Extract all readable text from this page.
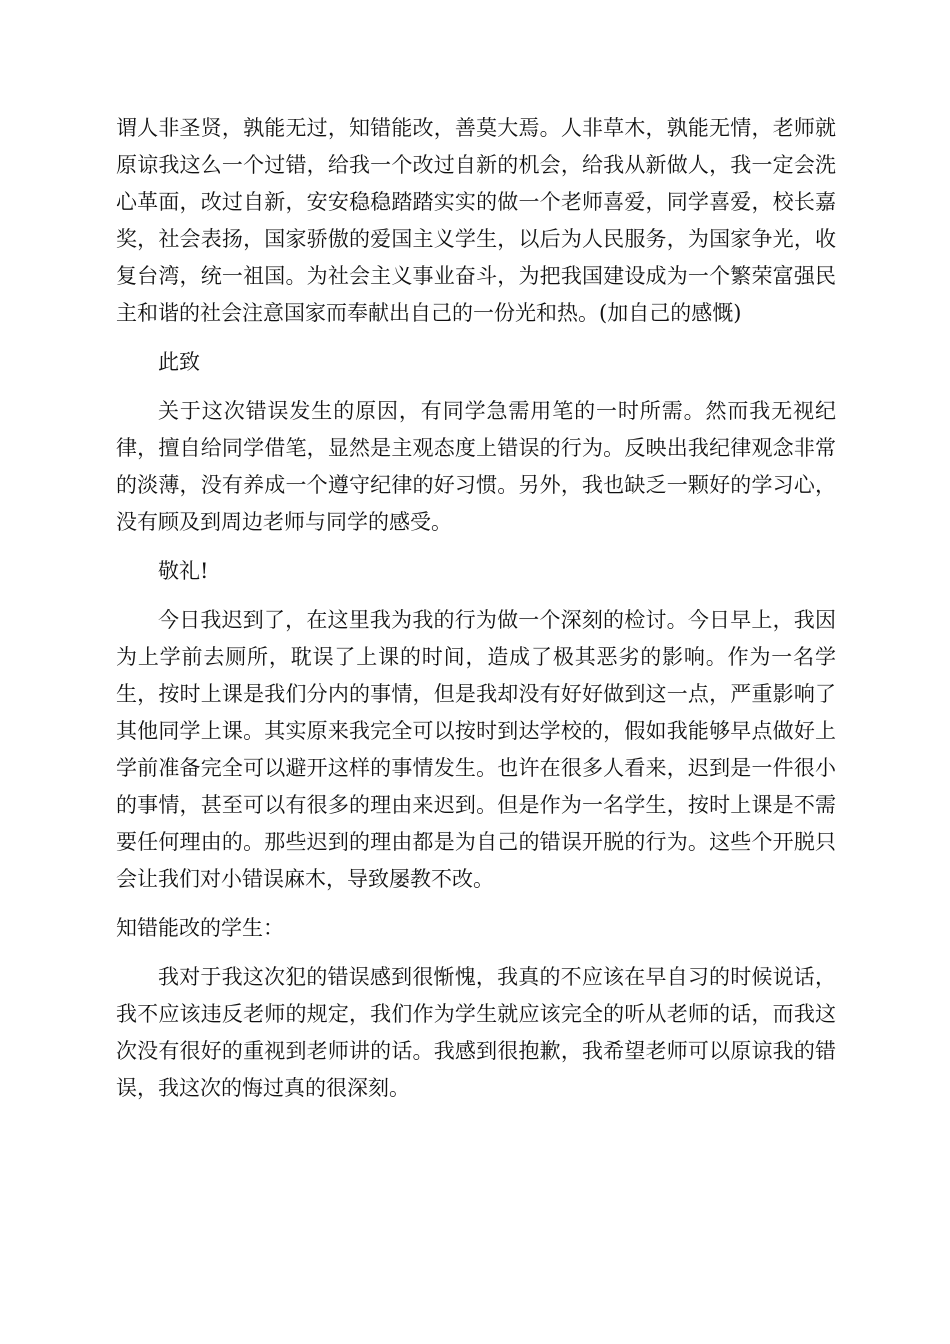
谓人非圣贤，孰能无过，知错能改，善莫大焉。人非草木，孰能无情，老师就原谅我这么一个过错，给我一个改过自新的机会，给我从新做人，我一定会洗心革面，改过自新，安安稳稳踏踏实实的做一个老师喜爱，同学喜爱，校长嘉奖，社会表扬，国家骄傲的爱国主义学生，以后为人民服务，为国家争光，收复台湾，统一祖国。为社会主义事业奋斗，为把我国建设成为一个繁荣富强民主和谐的社会注意国家而奉献出自己的一份光和热。(加自己的感慨)

此致

关于这次错误发生的原因，有同学急需用笔的一时所需。然而我无视纪律，擅自给同学借笔，显然是主观态度上错误的行为。反映出我纪律观念非常的淡薄，没有养成一个遵守纪律的好习惯。另外，我也缺乏一颗好的学习心，没有顾及到周边老师与同学的感受。

敬礼!

今日我迟到了，在这里我为我的行为做一个深刻的检讨。今日早上，我因为上学前去厕所，耽误了上课的时间，造成了极其恶劣的影响。作为一名学生，按时上课是我们分内的事情，但是我却没有好好做到这一点，严重影响了其他同学上课。其实原来我完全可以按时到达学校的，假如我能够早点做好上学前准备完全可以避开这样的事情发生。也许在很多人看来，迟到是一件很小的事情，甚至可以有很多的理由来迟到。但是作为一名学生，按时上课是不需要任何理由的。那些迟到的理由都是为自己的错误开脱的行为。这些个开脱只会让我们对小错误麻木，导致屡教不改。

知错能改的学生：

我对于我这次犯的错误感到很惭愧，我真的不应该在早自习的时候说话，我不应该违反老师的规定，我们作为学生就应该完全的听从老师的话，而我这次没有很好的重视到老师讲的话。我感到很抱歉，我希望老师可以原谅我的错误，我这次的悔过真的很深刻。
